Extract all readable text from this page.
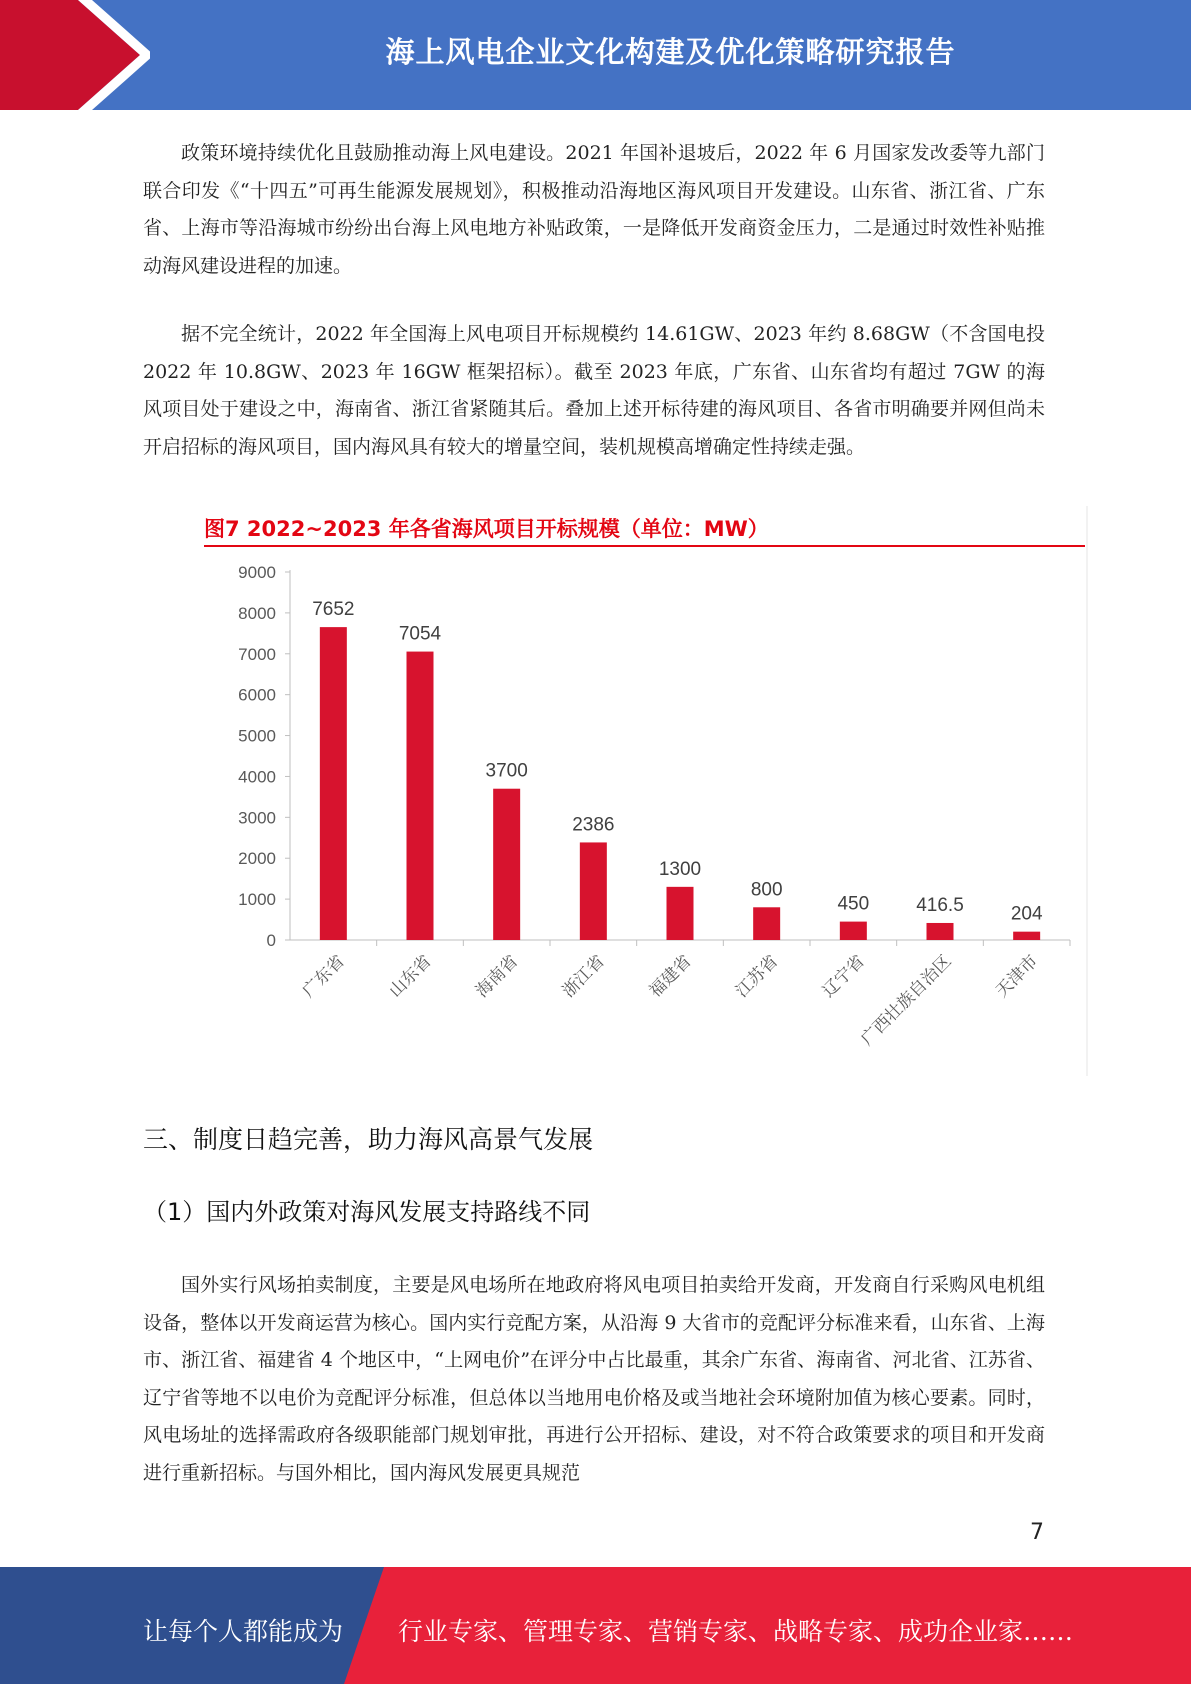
海上风电企业文化构建及优化策略研究报告

政策环境持续优化且鼓励推动海上风电建设。2021 年国补退坡后，2022 年 6 月国家发改委等九部门联合印发《“十四五”可再生能源发展规划》，积极推动沿海地区海风项目开发建设。山东省、浙江省、广东省、上海市等沿海城市纷纷出台海上风电地方补贴政策，一是降低开发商资金压力，二是通过时效性补贴推动海风建设进程的加速。

据不完全统计，2022 年全国海上风电项目开标规模约 14.61GW、2023 年约 8.68GW（不含国电投 2022 年 10.8GW、2023 年 16GW 框架招标）。截至 2023 年底，广东省、山东省均有超过 7GW 的海风项目处于建设之中，海南省、浙江省紧随其后。叠加上述开标待建的海风项目、各省市明确要并网但尚未开启招标的海风项目，国内海风具有较大的增量空间，装机规模高增确定性持续走强。

图7 2022~2023 年各省海风项目开标规模（单位：MW）
0
1000
2000
3000
4000
5000
6000
7000
8000
9000
7652
广东省
7054
山东省
3700
海南省
2386
浙江省
1300
福建省
800
江苏省
450
辽宁省
416.5
广西壮族自治区
204
天津市
三、制度日趋完善，助力海风高景气发展
（1）国内外政策对海风发展支持路线不同

国外实行风场拍卖制度，主要是风电场所在地政府将风电项目拍卖给开发商，开发商自行采购风电机组设备，整体以开发商运营为核心。国内实行竞配方案，从沿海 9 大省市的竞配评分标准来看，山东省、上海市、浙江省、福建省 4 个地区中，“上网电价”在评分中占比最重，其余广东省、海南省、河北省、江苏省、辽宁省等地不以电价为竞配评分标准，但总体以当地用电价格及或当地社会环境附加值为核心要素。同时，风电场址的选择需政府各级职能部门规划审批，再进行公开招标、建设，对不符合政策要求的项目和开发商进行重新招标。与国外相比，国内海风发展更具规范

7
让每个人都能成为 行业专家、管理专家、营销专家、战略专家、成功企业家……
